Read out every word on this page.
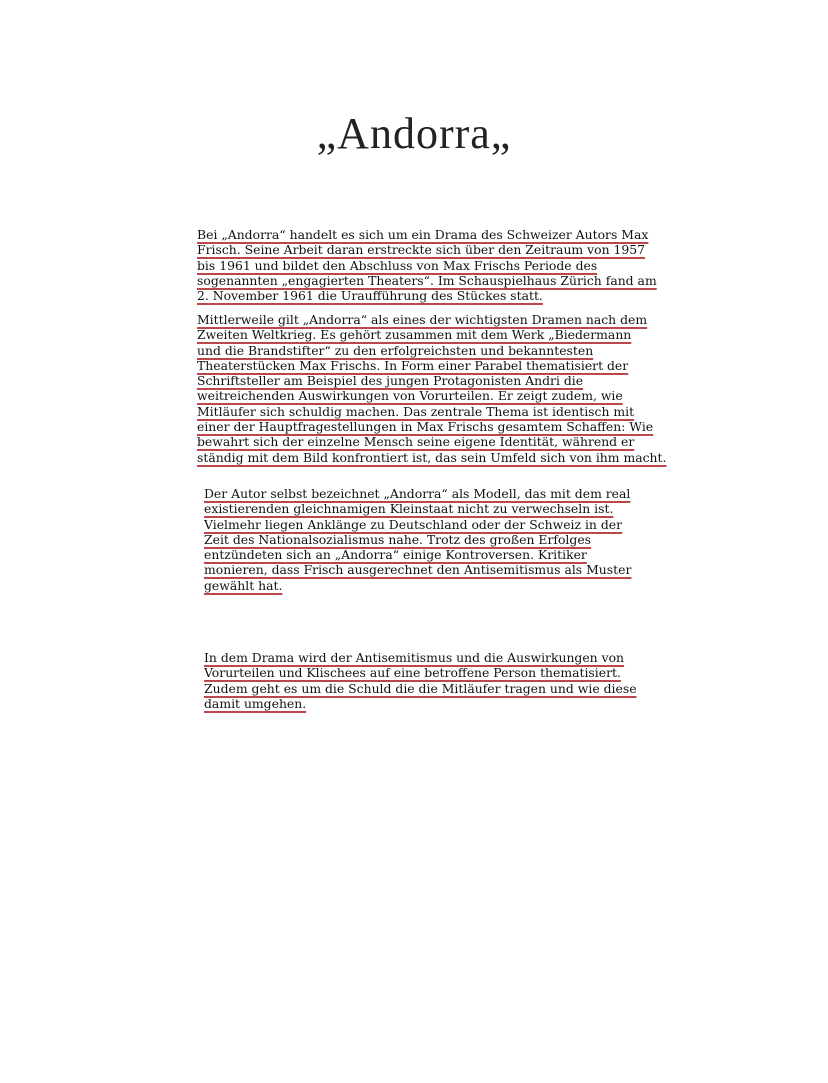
„Andorra„
Bei „Andorra“ handelt es sich um ein Drama des Schweizer Autors Max
Frisch. Seine Arbeit daran erstreckte sich über den Zeitraum von 1957
bis 1961 und bildet den Abschluss von Max Frischs Periode des
sogenannten „engagierten Theaters“. Im Schauspielhaus Zürich fand am
2. November 1961 die Uraufführung des Stückes statt.
Mittlerweile gilt „Andorra“ als eines der wichtigsten Dramen nach dem
Zweiten Weltkrieg. Es gehört zusammen mit dem Werk „Biedermann
und die Brandstifter“ zu den erfolgreichsten und bekanntesten
Theaterstücken Max Frischs. In Form einer Parabel thematisiert der
Schriftsteller am Beispiel des jungen Protagonisten Andri die
weitreichenden Auswirkungen von Vorurteilen. Er zeigt zudem, wie
Mitläufer sich schuldig machen. Das zentrale Thema ist identisch mit
einer der Hauptfragestellungen in Max Frischs gesamtem Schaffen: Wie
bewahrt sich der einzelne Mensch seine eigene Identität, während er
ständig mit dem Bild konfrontiert ist, das sein Umfeld sich von ihm macht.
Der Autor selbst bezeichnet „Andorra“ als Modell, das mit dem real
existierenden gleichnamigen Kleinstaat nicht zu verwechseln ist.
Vielmehr liegen Anklänge zu Deutschland oder der Schweiz in der
Zeit des Nationalsozialismus nahe. Trotz des großen Erfolges
entzündeten sich an „Andorra“ einige Kontroversen. Kritiker
monieren, dass Frisch ausgerechnet den Antisemitismus als Muster
gewählt hat.
In dem Drama wird der Antisemitismus und die Auswirkungen von
Vorurteilen und Klischees auf eine betroffene Person thematisiert.
Zudem geht es um die Schuld die die Mitläufer tragen und wie diese
damit umgehen.
